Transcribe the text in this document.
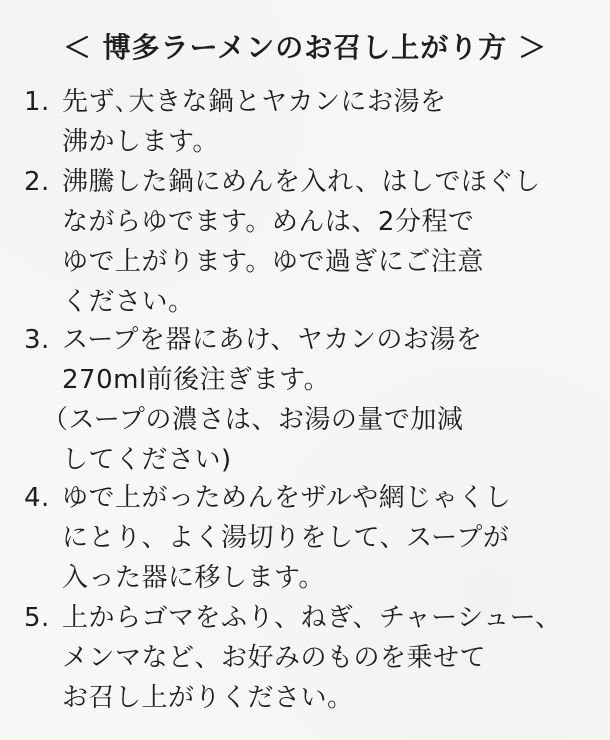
＜ 博多ラーメンのお召し上がり方 ＞
1. 先ず､大きな鍋とヤカンにお湯を
沸かします。
2. 沸騰した鍋にめんを入れ、はしでほぐし
ながらゆでます。めんは、2分程で
ゆで上がります。ゆで過ぎにご注意
ください。
3. スープを器にあけ、ヤカンのお湯を
270ml前後注ぎます。
（スープの濃さは、お湯の量で加減
してください)
4. ゆで上がっためんをザルや網じゃくし
にとり、よく湯切りをして、スープが
入った器に移します。
5. 上からゴマをふり、ねぎ、チャーシュー、
メンマなど、お好みのものを乗せて
お召し上がりください。
